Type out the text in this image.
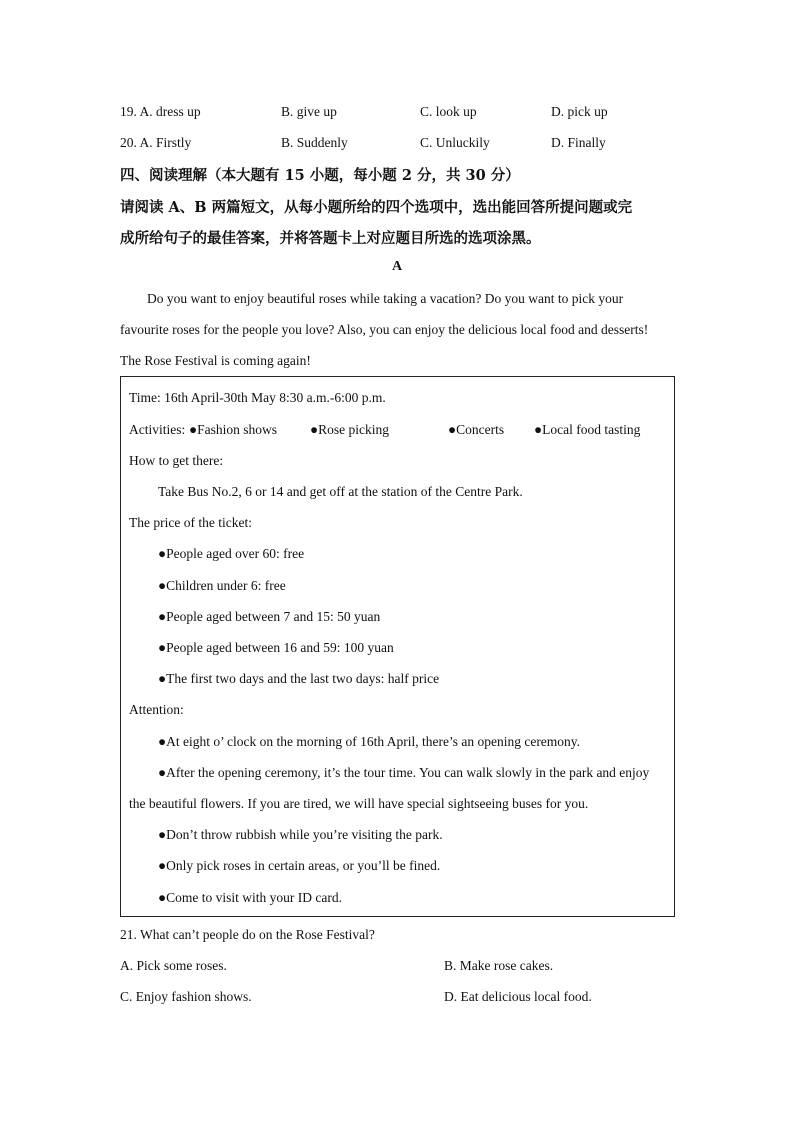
19. A. dress up	B. give up	C. look up	D. pick up
20. A. Firstly	B. Suddenly	C. Unluckily	D. Finally
四、阅读理解（本大题有 15 小题，每小题 2 分，共 30 分）
请阅读 A、B 两篇短文，从每小题所给的四个选项中，选出能回答所提问题或完
成所给句子的最佳答案，并将答题卡上对应题目所选的选项涂黑。
A
Do you want to enjoy beautiful roses while taking a vacation? Do you want to pick your
favourite roses for the people you love? Also, you can enjoy the delicious local food and desserts!
The Rose Festival is coming again!
Time: 16th April-30th May 8:30 a.m.-6:00 p.m.
Activities: ●Fashion shows ●Rose picking	●Concerts ●Local food tasting
How to get there:
Take Bus No.2, 6 or 14 and get off at the station of the Centre Park.
The price of the ticket:
●People aged over 60: free
●Children under 6: free
●People aged between 7 and 15: 50 yuan
●People aged between 16 and 59: 100 yuan
●The first two days and the last two days: half price
Attention:
●At eight o’ clock on the morning of 16th April, there’s an opening ceremony.
●After the opening ceremony, it’s the tour time. You can walk slowly in the park and enjoy
the beautiful flowers. If you are tired, we will have special sightseeing buses for you.
●Don’t throw rubbish while you’re visiting the park.
●Only pick roses in certain areas, or you’ll be fined.
●Come to visit with your ID card.
21. What can’t people do on the Rose Festival?
A. Pick some roses.	B. Make rose cakes.
C. Enjoy fashion shows.	D. Eat delicious local food.
